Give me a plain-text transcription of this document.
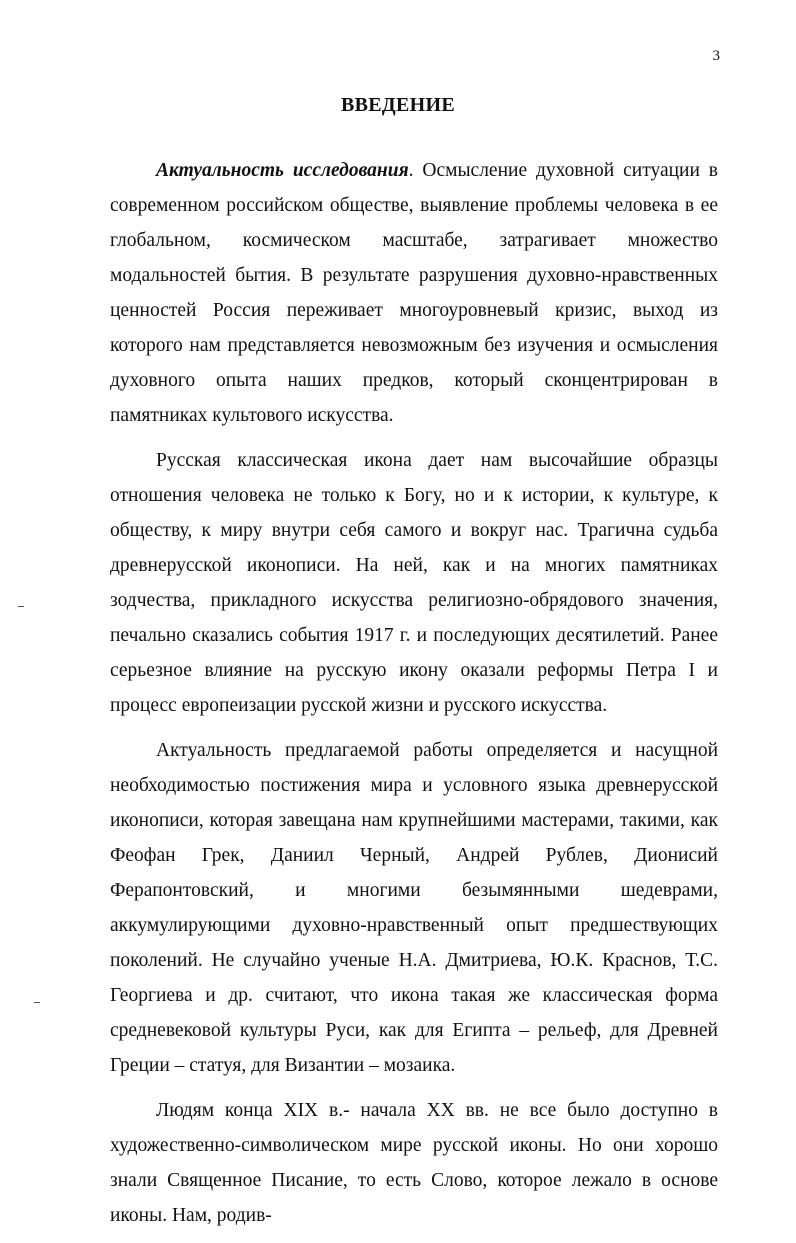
3
ВВЕДЕНИЕ

Актуальность исследования. Осмысление духовной ситуации в современном российском обществе, выявление проблемы человека в ее глобальном, космическом масштабе, затрагивает множество модальностей бытия. В результате разрушения духовно-нравственных ценностей Россия переживает многоуровневый кризис, выход из которого нам представляется невозможным без изучения и осмысления духовного опыта наших предков, который сконцентрирован в памятниках культового искусства.

Русская классическая икона дает нам высочайшие образцы отношения человека не только к Богу, но и к истории, к культуре, к обществу, к миру внутри себя самого и вокруг нас. Трагична судьба древнерусской иконописи. На ней, как и на многих памятниках зодчества, прикладного искусства религиозно-обрядового значения, печально сказались события 1917 г. и последующих десятилетий. Ранее серьезное влияние на русскую икону оказали реформы Петра I и процесс европеизации русской жизни и русского искусства.

Актуальность предлагаемой работы определяется и насущной необходимостью постижения мира и условного языка древнерусской иконописи, которая завещана нам крупнейшими мастерами, такими, как Феофан Грек, Даниил Черный, Андрей Рублев, Дионисий Ферапонтовский, и многими безымянными шедеврами, аккумулирующими духовно-нравственный опыт предшествующих поколений. Не случайно ученые Н.А. Дмитриева, Ю.К. Краснов, Т.С. Георгиева и др. считают, что икона такая же классическая форма средневековой культуры Руси, как для Египта – рельеф, для Древней Греции – статуя, для Византии – мозаика.

Людям конца XIX в.- начала XX вв. не все было доступно в художественно-символическом мире русской иконы. Но они хорошо знали Священное Писание, то есть Слово, которое лежало в основе иконы. Нам, родив-
